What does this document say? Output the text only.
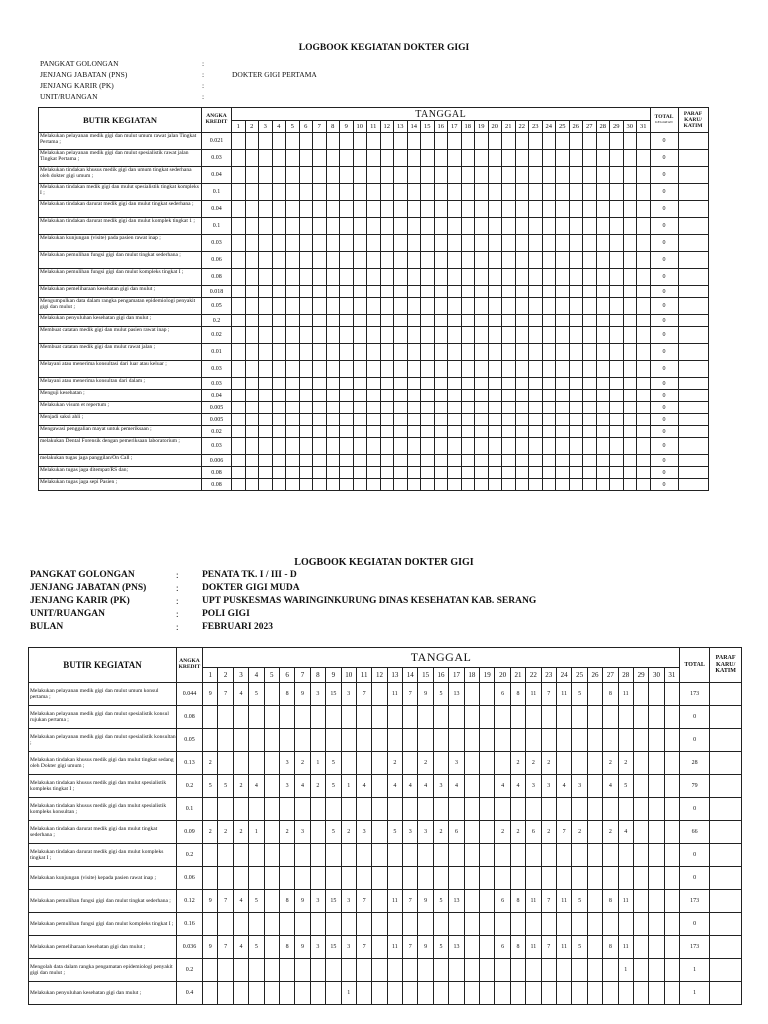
LOGBOOK KEGIATAN DOKTER GIGI
PANGKAT GOLONGAN	:
JENJANG JABATAN (PNS)	:	DOKTER GIGI PERTAMA
JENJANG KARIR (PK)	:
UNIT/RUANGAN	:
BUTIR KEGIATAN	ANGKA KREDIT	TANGGAL																															TOTAL
KEGIATAN	PARAF KARU/ KATIM
		1	2	3	4	5	6	7	8	9	10	11	12	13	14	15	16	17	18	19	20	21	22	23	24	25	26	27	28	29	30	31		
Melakukan pelayanan medik gigi dan mulut umum rawat jalan Tingkat Pertama ;	0.021																																0	
Melakukan pelayanan medik gigi dan mulut spesialistik rawat jalan Tingkat Pertama ;	0.03																																0	
Melakukan tindakan khusus medik gigi dan umum tingkat sederhana oleh dokter gigi umum ;	0.04																																0	
Melakukan tindakan medik gigi dan mulut spesialistik tingkat kompleks I ;	0.1																																0	
Melakukan tindakan darurat medik gigi dan mulut tingkat sederhana ;	0.04																																0	
Melakukan tindakan darurat medik gigi dan mulut komplek tingkat 1 ;	0.1																																0	
Melakukan kunjungan (visite) pada pasien rawat inap ;	0.03																																0	
Melakukan pemulihan fungsi gigi dan mulut tingkat sederhana ;	0.06																																0	
Melakukan pemulihan fungsi gigi dan mulut kompleks tingkat I ;	0.08																																0	
Melakukan pemeliharaan kesehatan gigi dan mulut ;	0.018																																0	
Mengumpulkan data dalam rangka pengamatan epidemiologi penyakit gigi dan mulut ;	0.05																																0	
Melakukan penyuluhan kesehatan gigi dan mulut ;	0.2																																0	
Membuat catatan medik gigi dan mulut pasien rawat inap ;	0.02																																0	
Membuat catatan medik gigi dan mulut rawat jalan ;	0.01																																0	
Melayani atau menerima konsultasi dari luar atau keluar ;	0.03																																0	
Melayani atau menerima konsultan dari dalam ;	0.03																																0	
Menguji kesehatan ;	0.04																																0	
Melakukan visum et repertum ;	0.005																																0	
Menjadi saksi ahli ;	0.005																																0	
Mengawasi penggalian mayat untuk pemeriksaan ;	0.02																																0	
melakukan Dental Forensik dengan pemeriksaan laboratorium ;	0.03																																0	
melakukan tugas jaga panggilan/On Call ;	0.006																																0	
Melakukan tugas jaga ditempat/RS dan;	0.08																																0	
Melakukan tugas jaga sepi Pasien ;	0.08																																0	
LOGBOOK KEGIATAN DOKTER GIGI
PANGKAT GOLONGAN	: PENATA TK. I / III - D
JENJANG JABATAN (PNS)	: DOKTER GIGI MUDA
JENJANG KARIR (PK)	: UPT PUSKESMAS WARINGINKURUNG DINAS KESEHATAN KAB. SERANG
UNIT/RUANGAN	: POLI GIGI
BULAN	: FEBRUARI 2023
BUTIR KEGIATAN	ANGKA KREDIT	TANGGAL																															TOTAL	PARAF KARU/ KATIM
		1	2	3	4	5	6	7	8	9	10	11	12	13	14	15	16	17	18	19	20	21	22	23	24	25	26	27	28	29	30	31		
Melakukan pelayanan medik gigi dan mulut umum konsul pertama ;	0.044	9	7	4	5		8	9	3	15	3	7		11	7	9	5	13			6	8	11	7	11	5		8	11				173	
Melakukan pelayanan medik gigi dan mulut spesialistik konsul rujukan pertama ;	0.08																																0	
Melakukan pelayanan medik gigi dan mulut spesialistik konsultan ;	0.05																																0	
Melakukan tindakan khusus medik gigi dan mulut tingkat sedang oleh Dokter gigi umum ;	0.13	2					3	2	1	5				2		2		3				2	2	2				2	2				28	
Melakukan tindakan khusus medik gigi dan mulut spesialistik kompleks tingkat I ;	0.2	5	5	2	4		3	4	2	5	1	4		4	4	4	3	4			4	4	3	3	4	3		4	5				79	
Melakukan tindakan khusus medik gigi dan mulut spesialistik kompleks konsultan ;	0.1																																0	
Melakukan tindakan darurat medik gigi dan mulut tingkat sederhana ;	0.09	2	2	2	1		2	3		5	2	3		5	3	3	2	6			2	2	6	2	7	2		2	4				66	
Melakukan tindakan darurat medik gigi dan mulut kompleks tingkat I ;	0.2																																0	
Melakukan kunjungan (visite) kepada pasien rawat inap ;	0.06																																0	
Melakukan pemulihan fungsi gigi dan mulut tingkat sederhana ;	0.12	9	7	4	5		8	9	3	15	3	7		11	7	9	5	13			6	8	11	7	11	5		8	11				173	
Melakukan pemulihan fungsi gigi dan mulut kompleks tingkat I ;	0.16																																0	
Melakukan pemeliharaan kesehatan gigi dan mulut ;	0.036	9	7	4	5		8	9	3	15	3	7		11	7	9	5	13			6	8	11	7	11	5		8	11				173	
Mengolah data dalam rangka pengamatan epidemiologi penyakit gigi dan mulut ;	0.2																												1				1	
Melakukan penyuluhan kesehatan gigi dan mulut ;	0.4										1																						1	
